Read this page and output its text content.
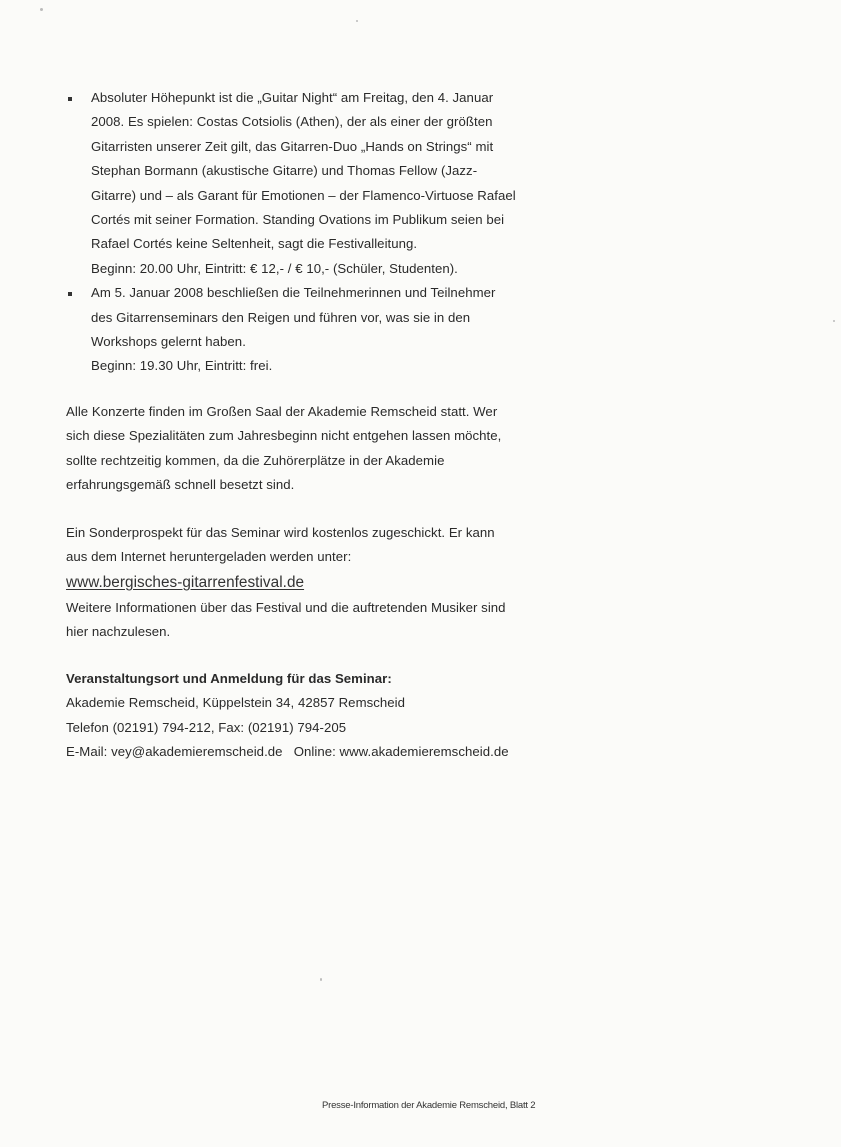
Absoluter Höhepunkt ist die „Guitar Night“ am Freitag, den 4. Januar
2008. Es spielen: Costas Cotsiolis (Athen), der als einer der größten
Gitarristen unserer Zeit gilt, das Gitarren-Duo „Hands on Strings“ mit
Stephan Bormann (akustische Gitarre) und Thomas Fellow (Jazz-
Gitarre) und – als Garant für Emotionen – der Flamenco-Virtuose Rafael
Cortés mit seiner Formation. Standing Ovations im Publikum seien bei
Rafael Cortés keine Seltenheit, sagt die Festivalleitung.
Beginn: 20.00 Uhr, Eintritt: € 12,- / € 10,- (Schüler, Studenten).
Am 5. Januar 2008 beschließen die Teilnehmerinnen und Teilnehmer
des Gitarrenseminars den Reigen und führen vor, was sie in den
Workshops gelernt haben.
Beginn: 19.30 Uhr, Eintritt: frei.
Alle Konzerte finden im Großen Saal der Akademie Remscheid statt. Wer
sich diese Spezialitäten zum Jahresbeginn nicht entgehen lassen möchte,
sollte rechtzeitig kommen, da die Zuhörerplätze in der Akademie
erfahrungsgemäß schnell besetzt sind.
Ein Sonderprospekt für das Seminar wird kostenlos zugeschickt. Er kann
aus dem Internet heruntergeladen werden unter:
www.bergisches-gitarrenfestival.de
Weitere Informationen über das Festival und die auftretenden Musiker sind
hier nachzulesen.
Veranstaltungsort und Anmeldung für das Seminar:
Akademie Remscheid, Küppelstein 34, 42857 Remscheid
Telefon (02191) 794-212, Fax: (02191) 794-205
E-Mail: vey@akademieremscheid.de   Online: www.akademieremscheid.de
Presse-Information der Akademie Remscheid, Blatt 2
